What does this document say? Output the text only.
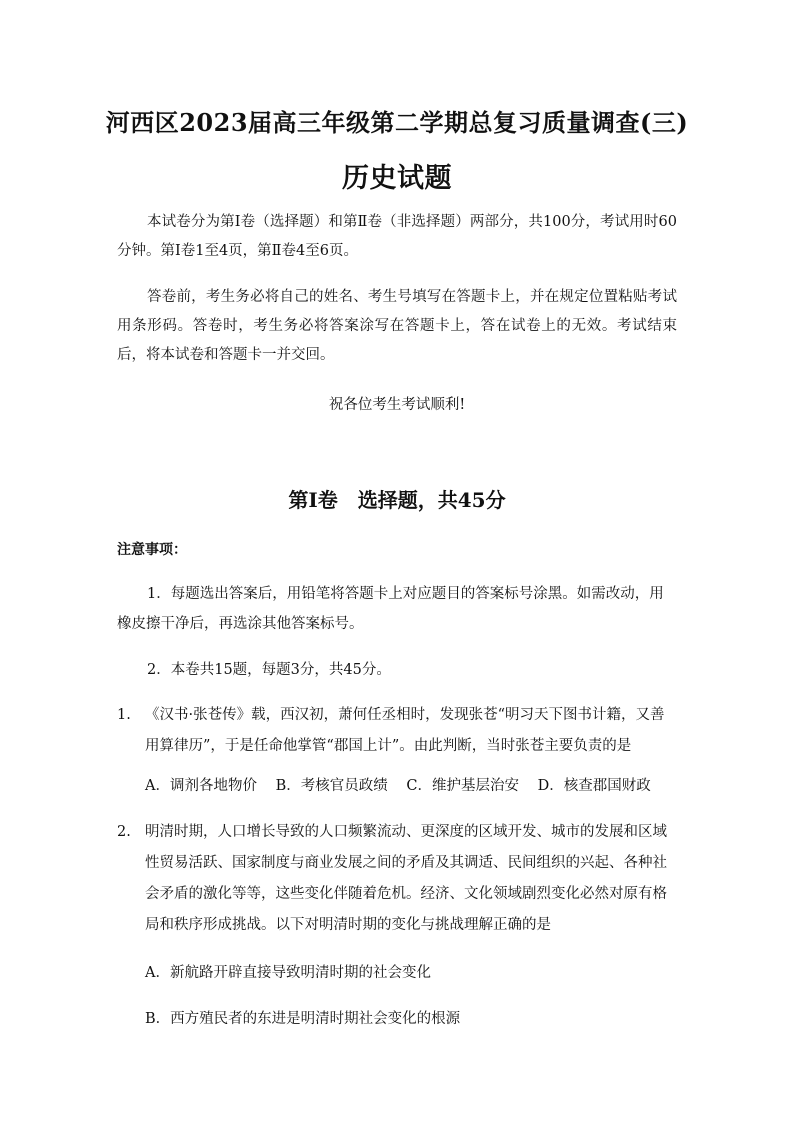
河西区2023届高三年级第二学期总复习质量调查(三)
历史试题
本试卷分为第Ⅰ卷（选择题）和第Ⅱ卷（非选择题）两部分，共100分，考试用时60分钟。第Ⅰ卷1至4页，第Ⅱ卷4至6页。
答卷前，考生务必将自己的姓名、考生号填写在答题卡上，并在规定位置粘贴考试用条形码。答卷时，考生务必将答案涂写在答题卡上，答在试卷上的无效。考试结束后，将本试卷和答题卡一并交回。
祝各位考生考试顺利!
第Ⅰ卷　选择题，共45分
注意事项：
1．每题选出答案后，用铅笔将答题卡上对应题目的答案标号涂黑。如需改动，用橡皮擦干净后，再选涂其他答案标号。
2．本卷共15题，每题3分，共45分。
1. 《汉书·张苍传》载，西汉初，萧何任丞相时，发现张苍“明习天下图书计籍，又善用算律历”，于是任命他掌管“郡国上计”。由此判断，当时张苍主要负责的是
A．调剂各地物价 B．考核官员政绩 C．维护基层治安 D．核查郡国财政
2. 明清时期，人口增长导致的人口频繁流动、更深度的区域开发、城市的发展和区域性贸易活跃、国家制度与商业发展之间的矛盾及其调适、民间组织的兴起、各种社会矛盾的激化等等，这些变化伴随着危机。经济、文化领域剧烈变化必然对原有格局和秩序形成挑战。以下对明清时期的变化与挑战理解正确的是
A．新航路开辟直接导致明清时期的社会变化
B．西方殖民者的东进是明清时期社会变化的根源
